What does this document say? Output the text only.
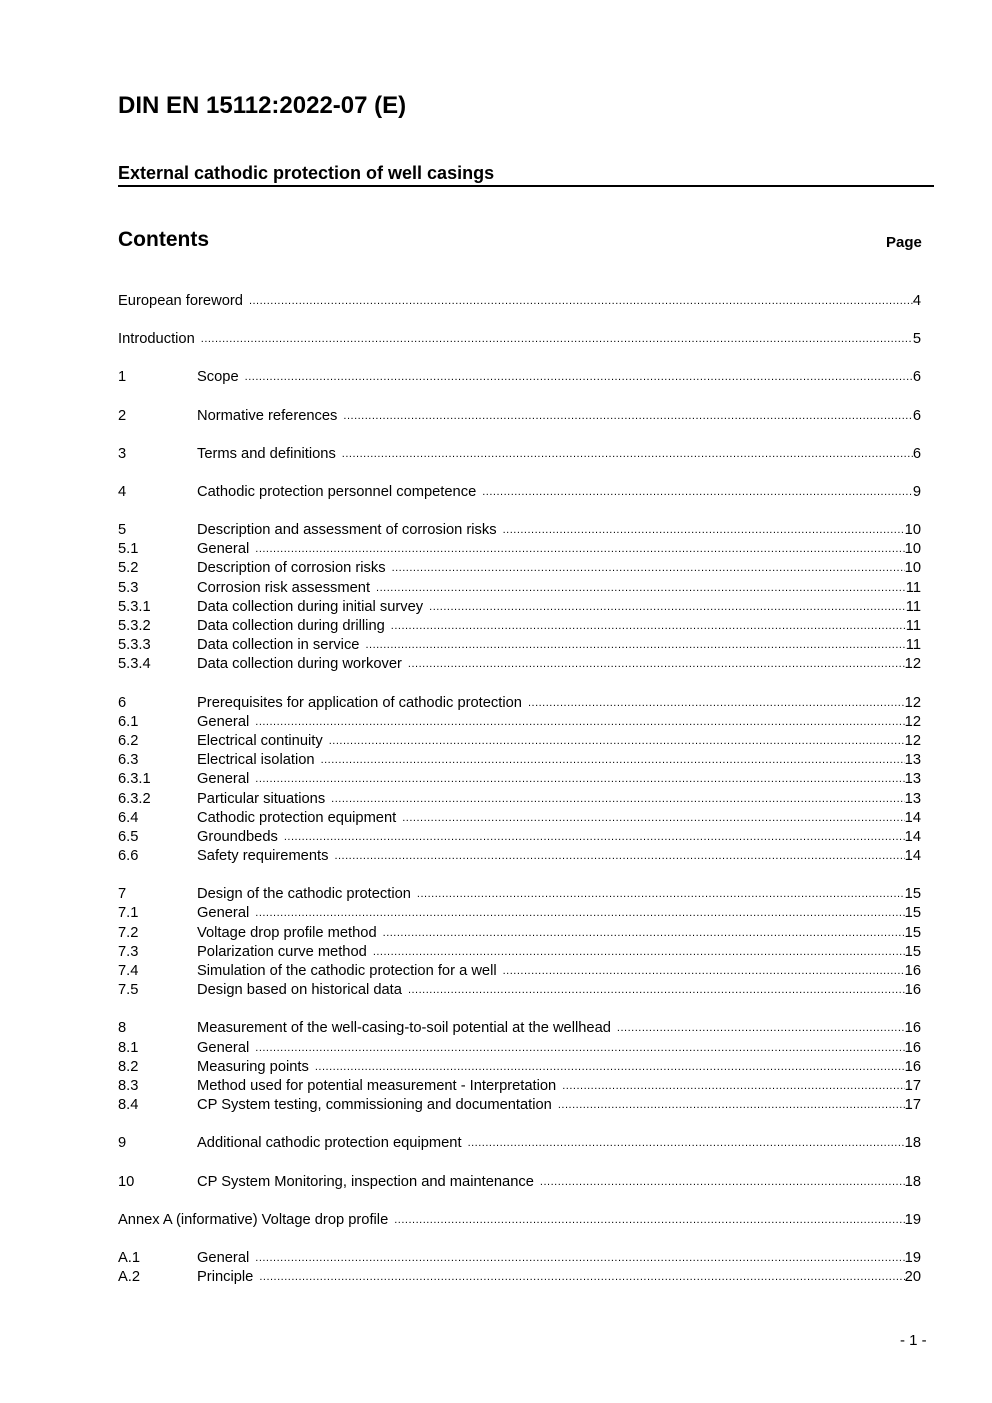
DIN EN 15112:2022-07 (E)
External cathodic protection of well casings
Contents	Page
European foreword .....	4
Introduction .....	5
1	Scope .....	6
2	Normative references .....	6
3	Terms and definitions .....	6
4	Cathodic protection personnel competence .....	9
5	Description and assessment of corrosion risks .....	10
5.1	General .....	10
5.2	Description of corrosion risks .....	10
5.3	Corrosion risk assessment .....	11
5.3.1	Data collection during initial survey .....	11
5.3.2	Data collection during drilling .....	11
5.3.3	Data collection in service .....	11
5.3.4	Data collection during workover .....	12
6	Prerequisites for application of cathodic protection .....	12
6.1	General .....	12
6.2	Electrical continuity .....	12
6.3	Electrical isolation .....	13
6.3.1	General .....	13
6.3.2	Particular situations .....	13
6.4	Cathodic protection equipment .....	14
6.5	Groundbeds .....	14
6.6	Safety requirements .....	14
7	Design of the cathodic protection .....	15
7.1	General .....	15
7.2	Voltage drop profile method .....	15
7.3	Polarization curve method .....	15
7.4	Simulation of the cathodic protection for a well .....	16
7.5	Design based on historical data .....	16
8	Measurement of the well-casing-to-soil potential at the wellhead .....	16
8.1	General .....	16
8.2	Measuring points .....	16
8.3	Method used for potential measurement - Interpretation .....	17
8.4	CP System testing, commissioning and documentation .....	17
9	Additional cathodic protection equipment .....	18
10	CP System Monitoring, inspection and maintenance .....	18
Annex A (informative) Voltage drop profile .....	19
A.1	General .....	19
A.2	Principle .....	20
- 1 -
